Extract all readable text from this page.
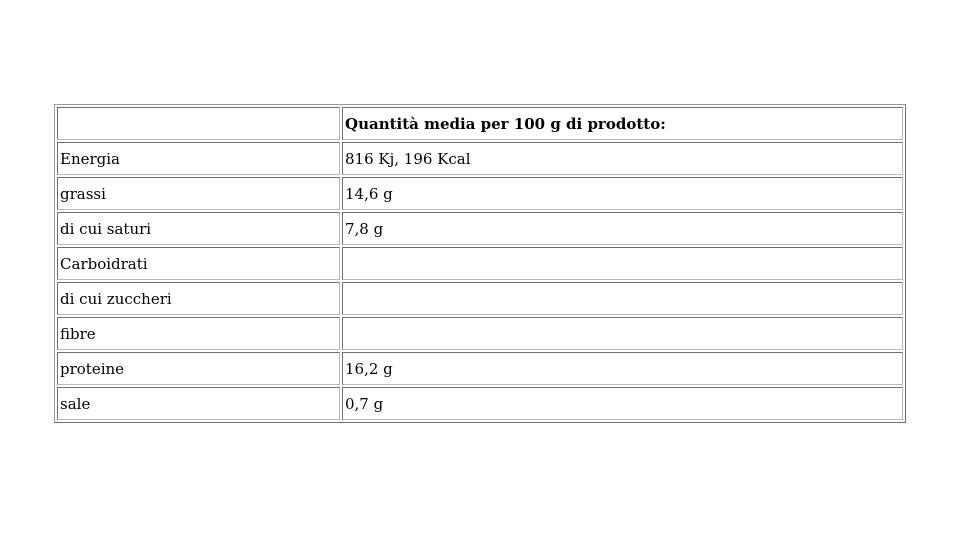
	Quantità media per 100 g di prodotto:
Energia	816 Kj, 196 Kcal
grassi	14,6 g
di cui saturi	7,8 g
Carboidrati	
di cui zuccheri	
fibre	
proteine	16,2 g
sale	0,7 g
